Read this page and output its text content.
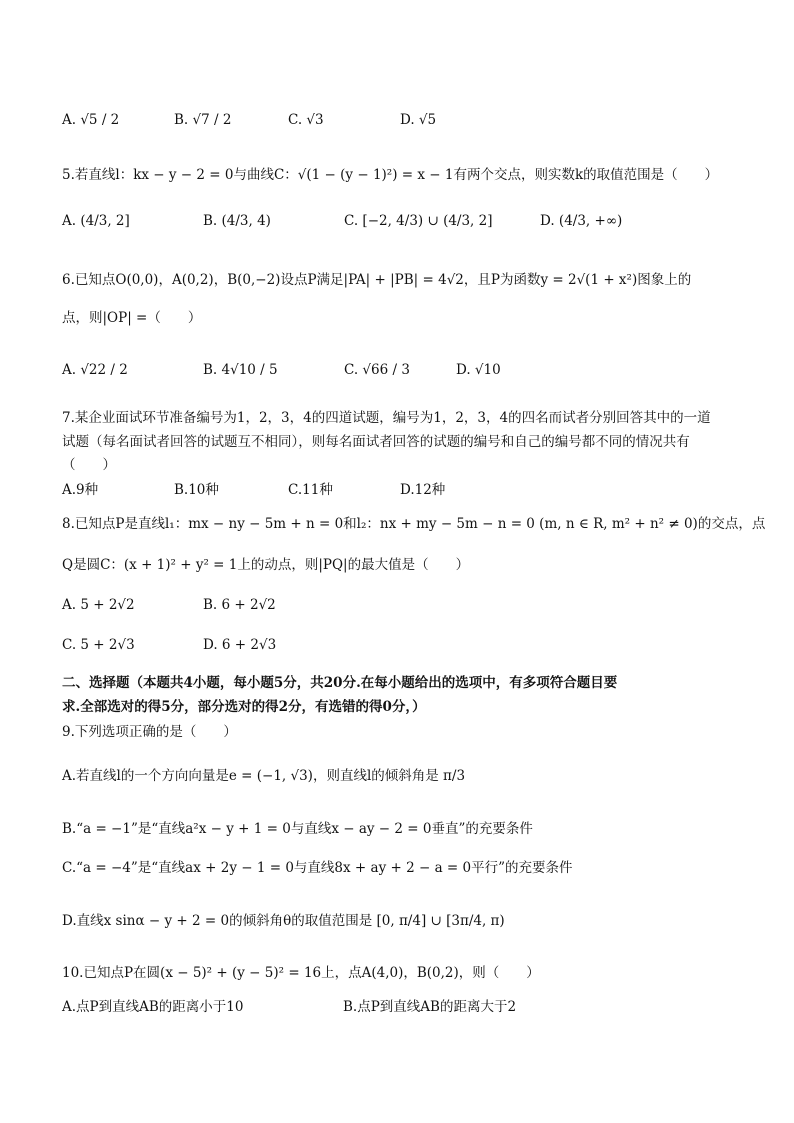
A. √5 / 2	B. √7 / 2	C. √3	D. √5
5.若直线l：kx − y − 2 = 0与曲线C：√(1 − (y − 1)²) = x − 1有两个交点，则实数k的取值范围是（　　）
A. (4/3, 2]	B. (4/3, 4)	C. [−2, 4/3) ∪ (4/3, 2]	D. (4/3, +∞)
6.已知点O(0,0)，A(0,2)，B(0,−2)设点P满足|PA| + |PB| = 4√2，且P为函数y = 2√(1 + x²)图象上的
点，则|OP| =（　　）
A. √22 / 2	B. 4√10 / 5	C. √66 / 3	D. √10
7.某企业面试环节准备编号为1，2，3，4的四道试题，编号为1，2，3，4的四名而试者分别回答其中的一道
试题（每名面试者回答的试题互不相同），则每名面试者回答的试题的编号和自己的编号都不同的情况共有
（　　）
A.9种	B.10种	C.11种	D.12种
8.已知点P是直线l₁：mx − ny − 5m + n = 0和l₂：nx + my − 5m − n = 0 (m, n ∈ R, m² + n² ≠ 0)的交点，点
Q是圆C：(x + 1)² + y² = 1上的动点，则|PQ|的最大值是（　　）
A. 5 + 2√2	B. 6 + 2√2
C. 5 + 2√3	D. 6 + 2√3
二、选择题（本题共4小题，每小题5分，共20分.在每小题给出的选项中，有多项符合题目要
求.全部选对的得5分，部分选对的得2分，有选错的得0分，）
9.下列选项正确的是（　　）
A.若直线l的一个方向向量是e = (−1, √3)，则直线l的倾斜角是 π/3
B.“a = −1”是“直线a²x − y + 1 = 0与直线x − ay − 2 = 0垂直”的充要条件
C.“a = −4”是“直线ax + 2y − 1 = 0与直线8x + ay + 2 − a = 0平行”的充要条件
D.直线x sinα − y + 2 = 0的倾斜角θ的取值范围是 [0, π/4] ∪ [3π/4, π)
10.已知点P在圆(x − 5)² + (y − 5)² = 16上，点A(4,0)，B(0,2)，则（　　）
A.点P到直线AB的距离小于10	B.点P到直线AB的距离大于2
